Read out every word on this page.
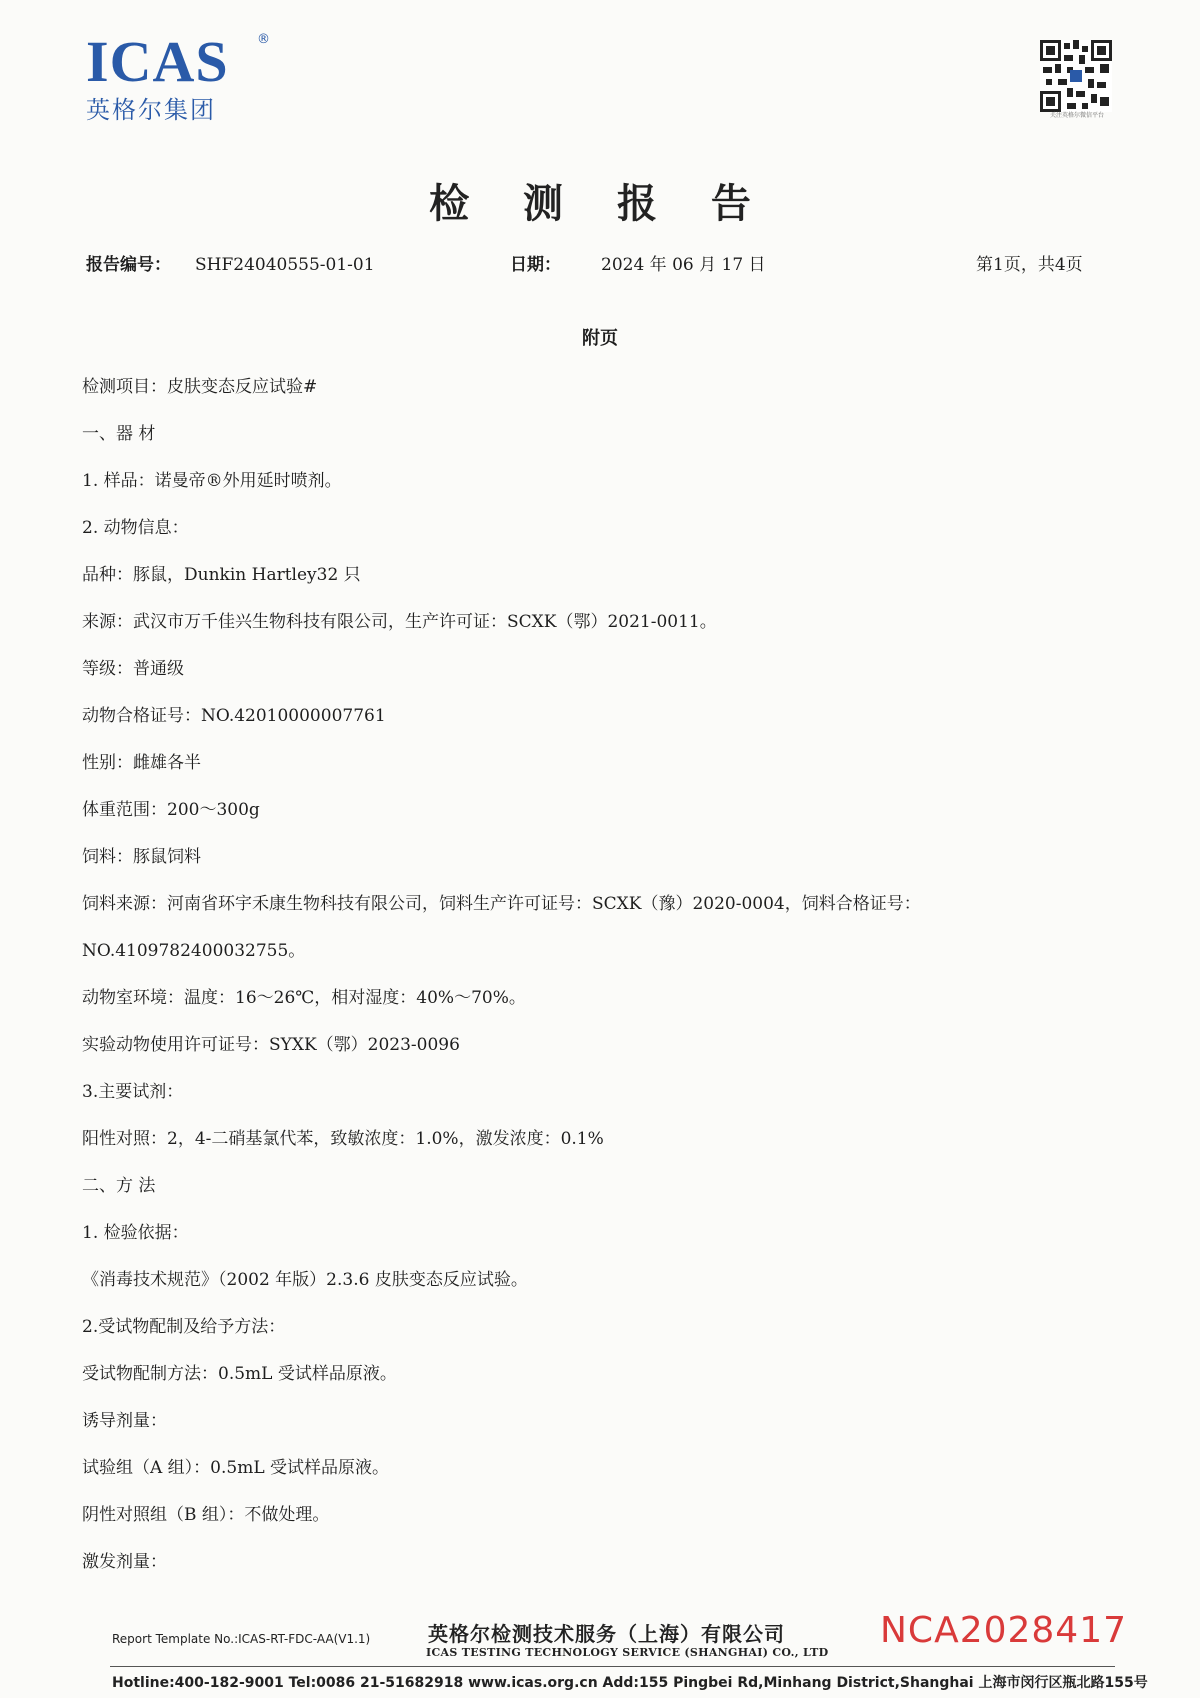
ICAS ®
英格尔集团	关注英格尔微信平台
检 测 报 告
报告编号： SHF24040555-01-01	日期： 2024 年 06 月 17 日	第1页，共4页
附页
检测项目：皮肤变态反应试验#
一、器 材
1. 样品：诺曼帝®外用延时喷剂。
2. 动物信息：
品种：豚鼠，Dunkin Hartley32 只
来源：武汉市万千佳兴生物科技有限公司，生产许可证：SCXK（鄂）2021-0011。
等级：普通级
动物合格证号：NO.42010000007761
性别：雌雄各半
体重范围：200～300g
饲料：豚鼠饲料
饲料来源：河南省环宇禾康生物科技有限公司，饲料生产许可证号：SCXK（豫）2020-0004，饲料合格证号：
NO.4109782400032755。
动物室环境：温度：16～26℃，相对湿度：40%～70%。
实验动物使用许可证号：SYXK（鄂）2023-0096
3.主要试剂：
阳性对照：2，4-二硝基氯代苯，致敏浓度：1.0%，激发浓度：0.1%
二、方 法
1. 检验依据：
《消毒技术规范》（2002 年版）2.3.6 皮肤变态反应试验。
2.受试物配制及给予方法：
受试物配制方法：0.5mL 受试样品原液。
诱导剂量：
试验组（A 组）：0.5mL 受试样品原液。
阴性对照组（B 组）：不做处理。
激发剂量：
Report Template No.:ICAS-RT-FDC-AA(V1.1)	英格尔检测技术服务（上海）有限公司
ICAS TESTING TECHNOLOGY SERVICE (SHANGHAI) CO., LTD
NCA2028417
Hotline:400-182-9001 Tel:0086 21-51682918 www.icas.org.cn Add:155 Pingbei Rd,Minhang District,Shanghai 上海市闵行区瓶北路155号
